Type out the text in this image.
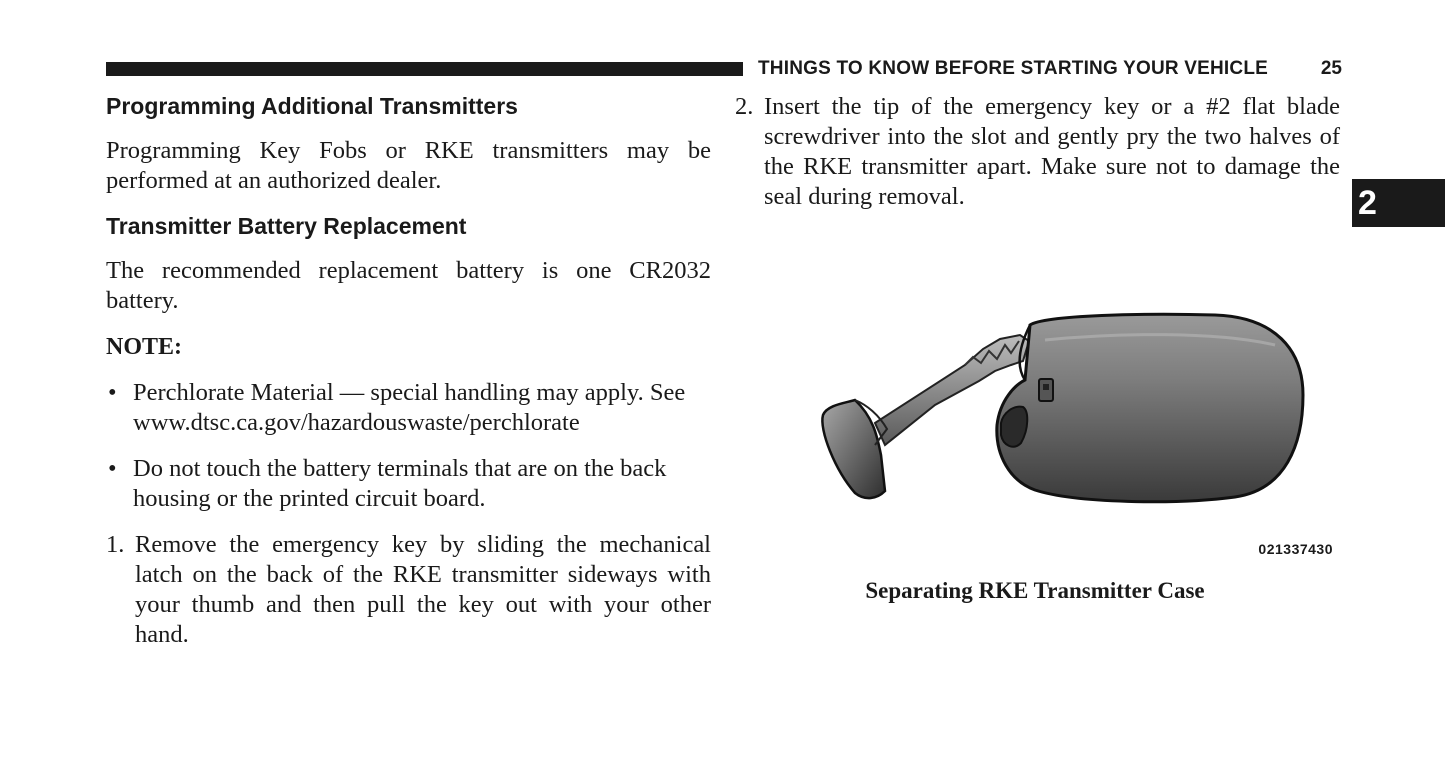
THINGS TO KNOW BEFORE STARTING YOUR VEHICLE	25
2
Programming Additional Transmitters

Programming Key Fobs or RKE transmitters may be performed at an authorized dealer.

Transmitter Battery Replacement

The recommended replacement battery is one CR2032 battery.

NOTE:
• Perchlorate Material — special handling may apply. See www.dtsc.ca.gov/hazardouswaste/perchlorate
• Do not touch the battery terminals that are on the back housing or the printed circuit board.
1. Remove the emergency key by sliding the mechanical latch on the back of the RKE transmitter sideways with your thumb and then pull the key out with your other hand.
2. Insert the tip of the emergency key or a #2 flat blade screwdriver into the slot and gently pry the two halves of the RKE transmitter apart. Make sure not to damage the seal during removal.
021337430
Separating RKE Transmitter Case
